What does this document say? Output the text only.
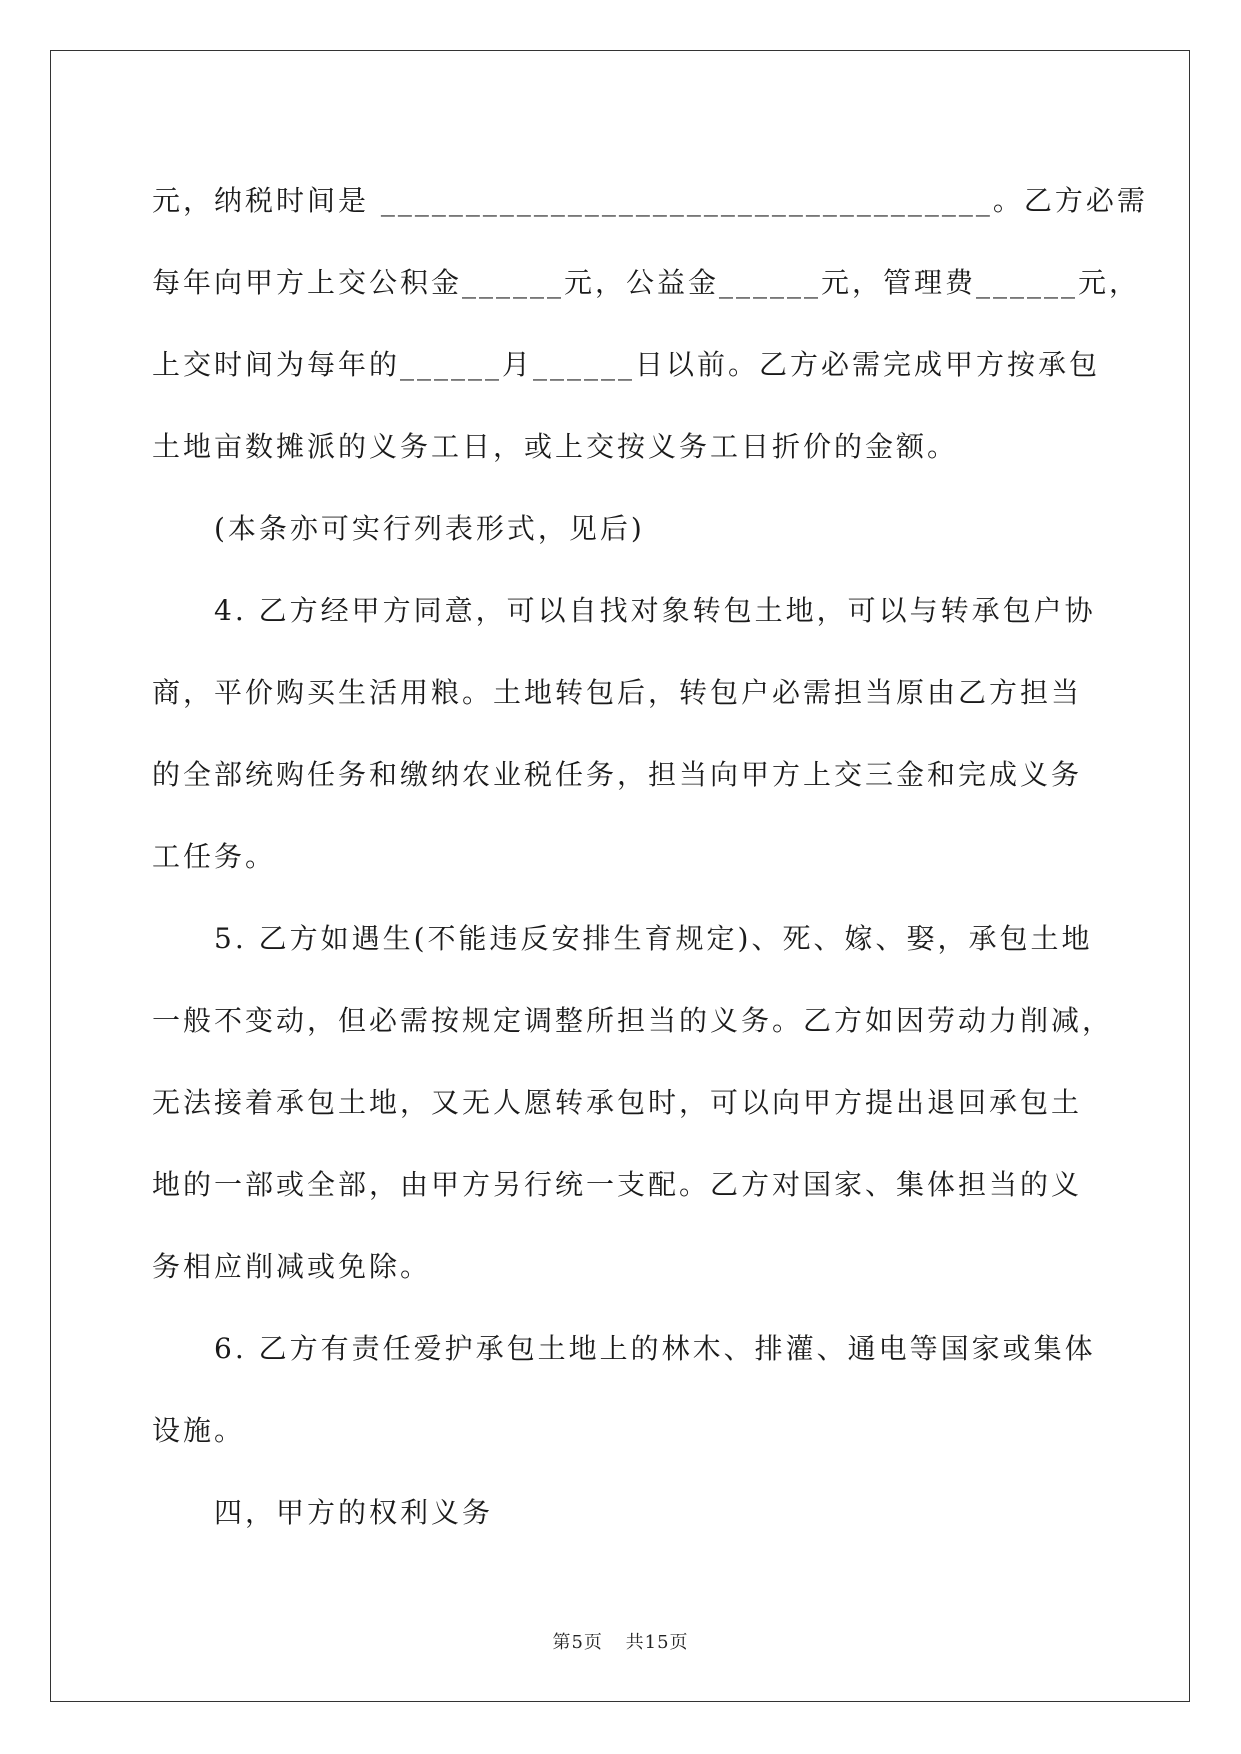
元，纳税时间是 ____________________________________。乙方必需
每年向甲方上交公积金______元，公益金______元，管理费______元，
上交时间为每年的______月______日以前。乙方必需完成甲方按承包
土地亩数摊派的义务工日，或上交按义务工日折价的金额。
(本条亦可实行列表形式，见后)
4. 乙方经甲方同意，可以自找对象转包土地，可以与转承包户协
商，平价购买生活用粮。土地转包后，转包户必需担当原由乙方担当
的全部统购任务和缴纳农业税任务，担当向甲方上交三金和完成义务
工任务。
5. 乙方如遇生(不能违反安排生育规定)、死、嫁、娶，承包土地
一般不变动，但必需按规定调整所担当的义务。乙方如因劳动力削减，
无法接着承包土地，又无人愿转承包时，可以向甲方提出退回承包土
地的一部或全部，由甲方另行统一支配。乙方对国家、集体担当的义
务相应削减或免除。
6. 乙方有责任爱护承包土地上的林木、排灌、通电等国家或集体
设施。
四，甲方的权利义务
第5页 共15页
